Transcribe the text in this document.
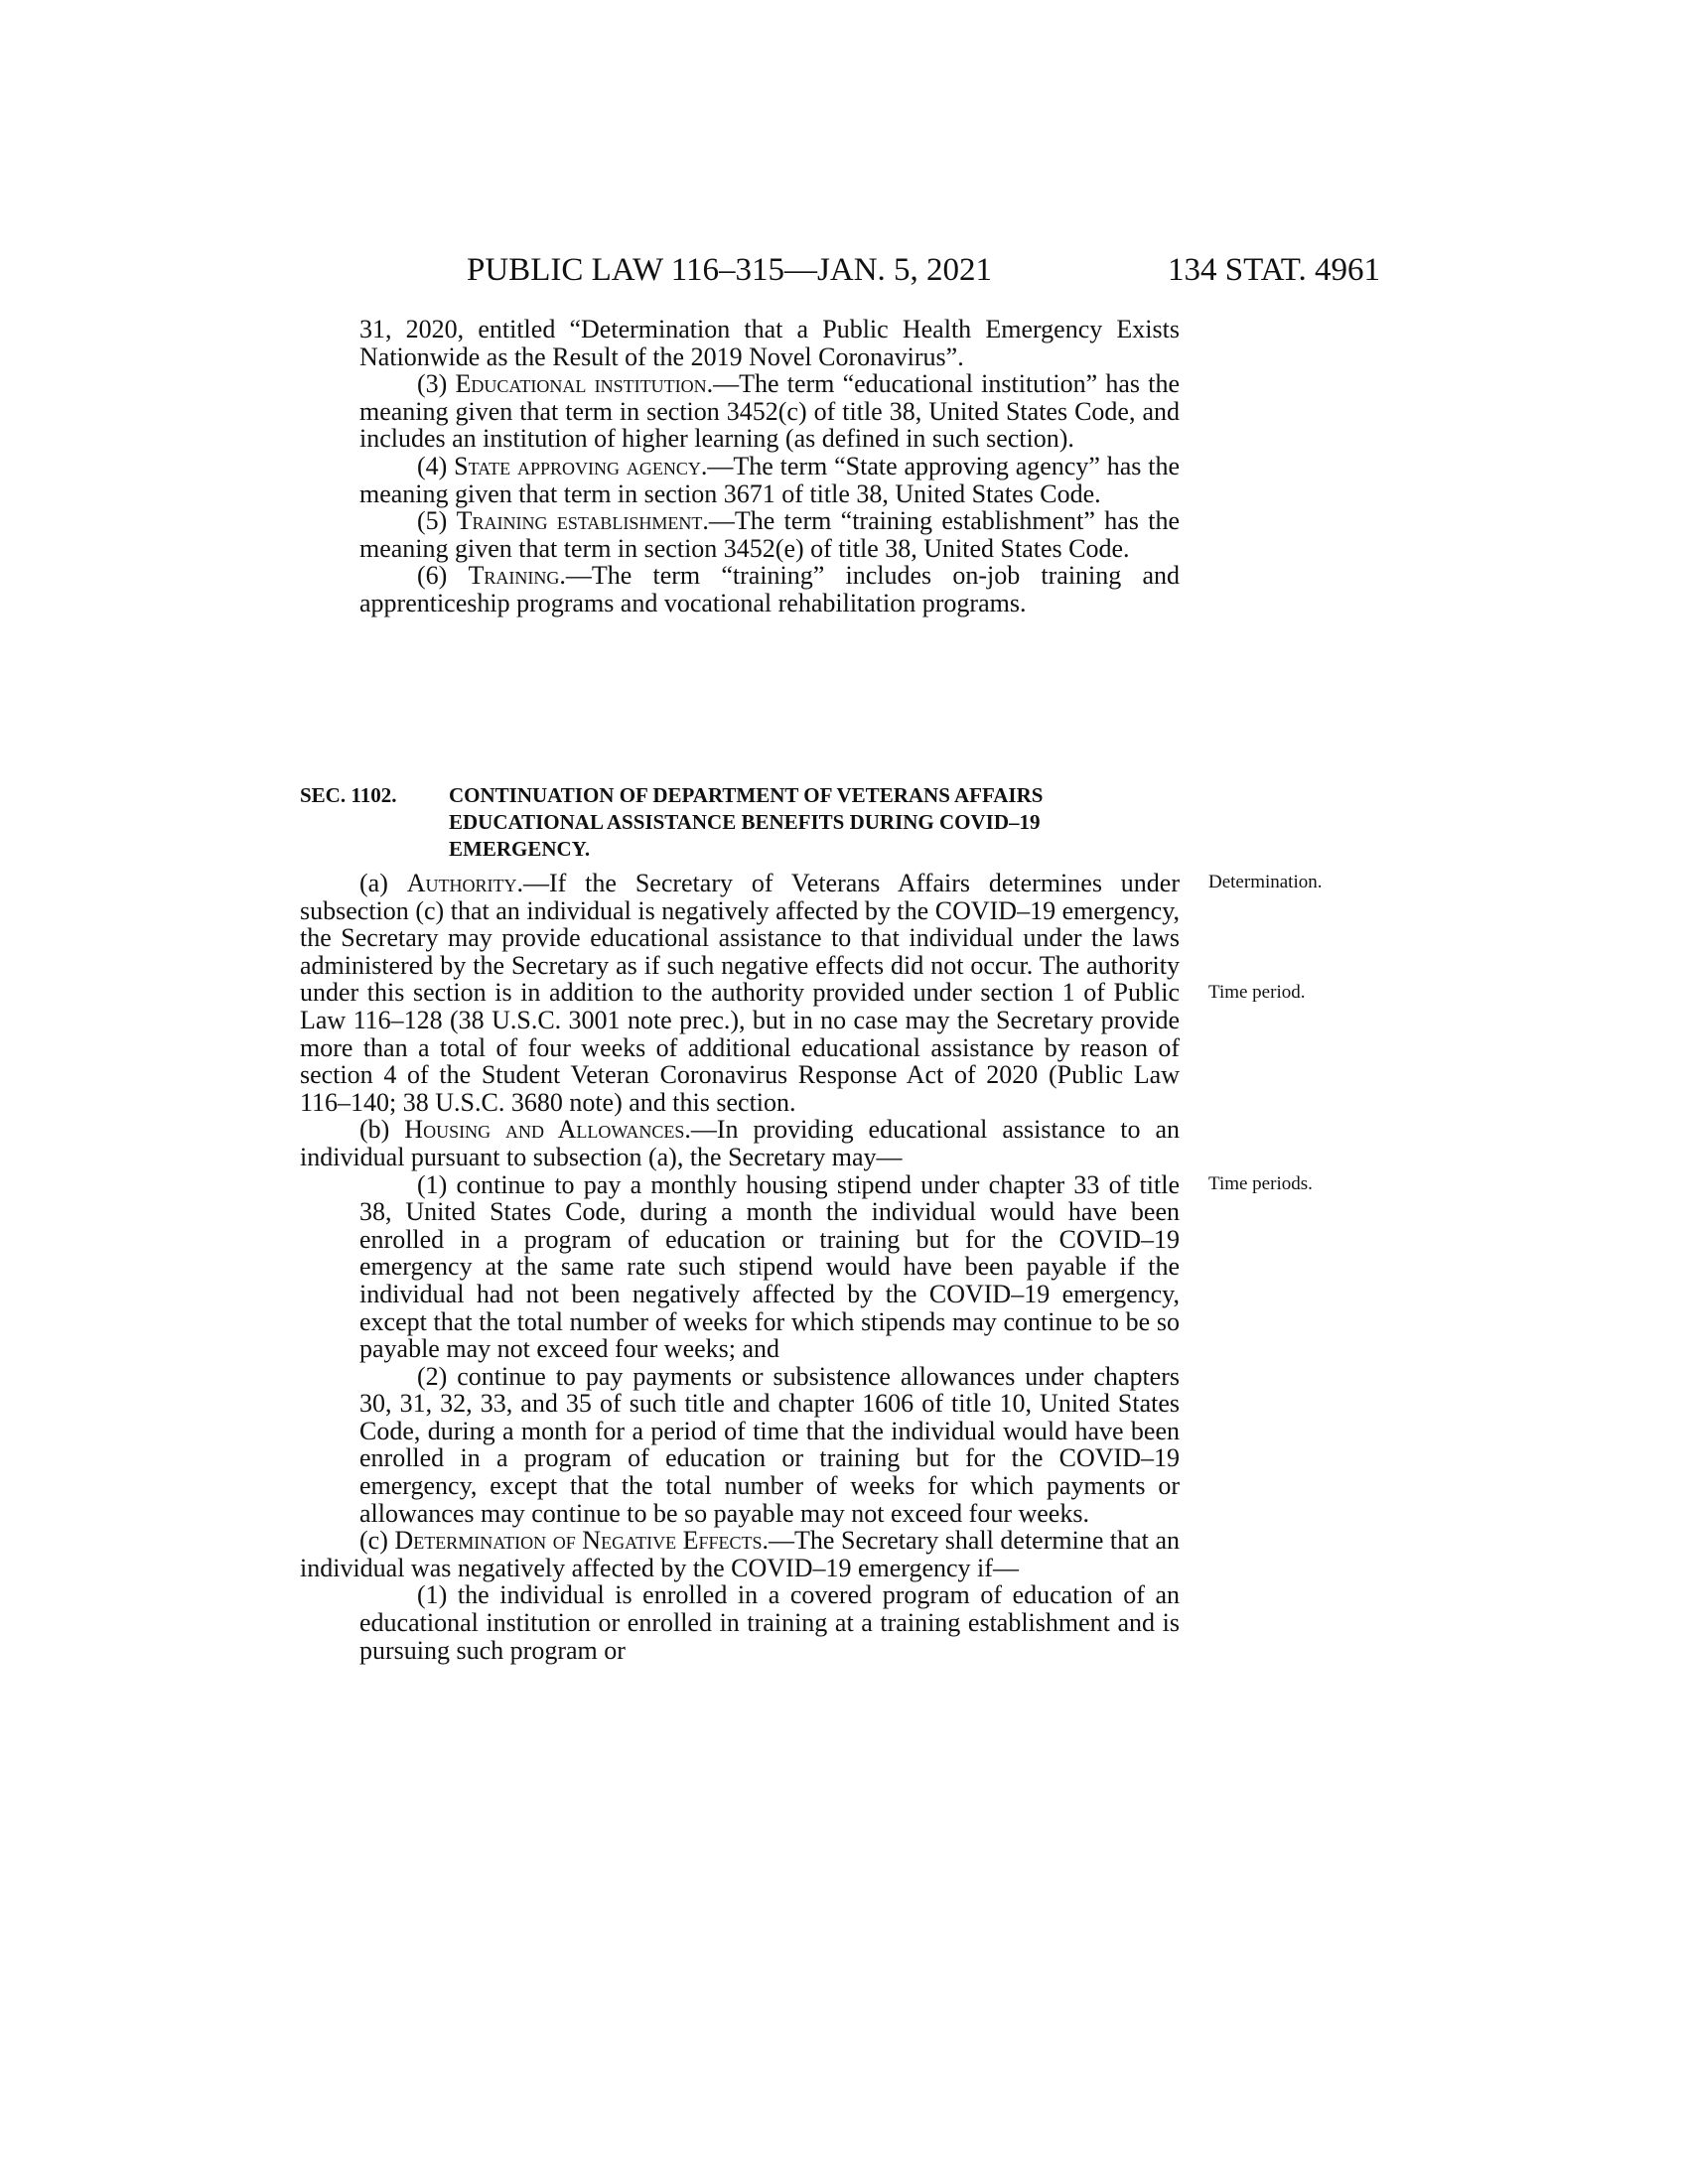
PUBLIC LAW 116–315—JAN. 5, 2021	134 STAT. 4961

31, 2020, entitled “Determination that a Public Health Emergency Exists Nationwide as the Result of the 2019 Novel Coronavirus”.

(3) Educational institution.—The term “educational institution” has the meaning given that term in section 3452(c) of title 38, United States Code, and includes an institution of higher learning (as defined in such section).

(4) State approving agency.—The term “State approving agency” has the meaning given that term in section 3671 of title 38, United States Code.

(5) Training establishment.—The term “training establishment” has the meaning given that term in section 3452(e) of title 38, United States Code.

(6) Training.—The term “training” includes on-job training and apprenticeship programs and vocational rehabilitation programs.

SEC. 1102.	CONTINUATION OF DEPARTMENT OF VETERANS AFFAIRS EDUCATIONAL ASSISTANCE BENEFITS DURING COVID–19 EMERGENCY.

(a) Authority.—If the Secretary of Veterans Affairs determines under subsection (c) that an individual is negatively affected by the COVID–19 emergency, the Secretary may provide educational assistance to that individual under the laws administered by the Secretary as if such negative effects did not occur. The authority under this section is in addition to the authority provided under section 1 of Public Law 116–128 (38 U.S.C. 3001 note prec.), but in no case may the Secretary provide more than a total of four weeks of additional educational assistance by reason of section 4 of the Student Veteran Coronavirus Response Act of 2020 (Public Law 116–140; 38 U.S.C. 3680 note) and this section.

(b) Housing and Allowances.—In providing educational assistance to an individual pursuant to subsection (a), the Secretary may—

(1) continue to pay a monthly housing stipend under chapter 33 of title 38, United States Code, during a month the individual would have been enrolled in a program of education or training but for the COVID–19 emergency at the same rate such stipend would have been payable if the individual had not been negatively affected by the COVID–19 emergency, except that the total number of weeks for which stipends may continue to be so payable may not exceed four weeks; and

(2) continue to pay payments or subsistence allowances under chapters 30, 31, 32, 33, and 35 of such title and chapter 1606 of title 10, United States Code, during a month for a period of time that the individual would have been enrolled in a program of education or training but for the COVID–19 emergency, except that the total number of weeks for which payments or allowances may continue to be so payable may not exceed four weeks.

(c) Determination of Negative Effects.—The Secretary shall determine that an individual was negatively affected by the COVID–19 emergency if—

(1) the individual is enrolled in a covered program of education of an educational institution or enrolled in training at a training establishment and is pursuing such program or

Determination.
Time period.
Time periods.
